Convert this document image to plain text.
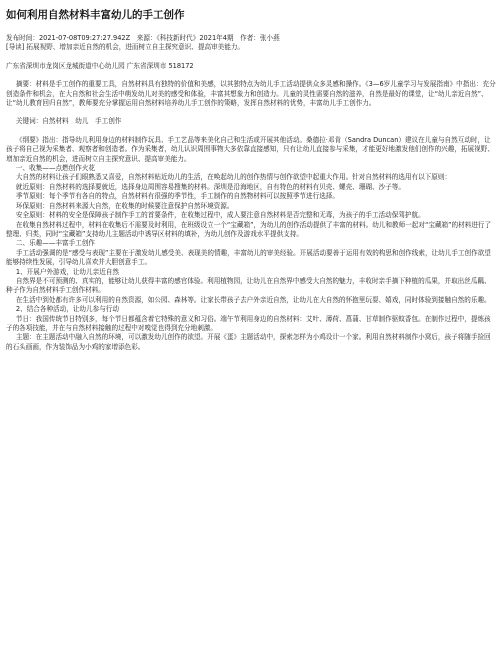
如何利用自然材料丰富幼儿的手工创作
发布时间：2021-07-08T09:27:27.942Z　来源：《科技新时代》2021年4期　作者：张小燕
[导读] 拓展视野、增加亲近自然的机会，进而树立自主探究意识、提高审美能力。
广东省深圳市龙岗区龙城街道中心幼儿园 广东省深圳市 518172
摘要：材料是手工创作的重要工具，自然材料具有独特的价值和美感，以其独特点为幼儿手工活动提供众多灵感和操作。《3—6岁儿童学习与发展指南》中指出：充分创造条件和机会，在大自然和社会生活中萌发幼儿对美的感受和体验，丰富其想象力和创造力。儿童的灵性需要自然的滋养，自然是最好的课堂，让“幼儿亲近自然”、让“幼儿教育回归自然”，教师要充分掌握运用自然材料培养幼儿手工创作的策略，发挥自然材料的优势，丰富幼儿手工创作力。
关键词：自然材料　幼儿　手工创作
《纲要》指出：指导幼儿利用身边的材料制作玩具、手工艺品等来美化自己和生活或开展其他活动。桑德拉·邓肯（Sandra Duncan）建议在儿童与自然互动时，让孩子将自己视为采集者、观察者和创造者。作为采集者，幼儿认识周围事物大多依靠直接感知，只有让幼儿直接参与采集，才能更好地激发他们创作的兴趣，拓展视野、增加亲近自然的机会，进而树立自主探究意识、提高审美能力。
一、收集——点燃创作火花
大自然的材料让孩子们眼熟悉又喜爱，自然材料贴近幼儿的生活，在唤起幼儿的创作热情与创作欲望中起重大作用。针对自然材料的选用有以下原则：
就近原则：自然材料的选择要就近，选择身边周围容易搜集的材料。深圳是沿海地区，自有特色的材料有贝壳、螺壳、珊瑚、沙子等。
季节原则：每个季节有各自的特点，自然材料有很强的季节性，手工制作的自然物材料可以按照季节进行选择。
环保原则：自然材料来源大自然，在收集的时候要注意保护自然环境资源。
安全原则：材料的安全是保障孩子制作手工的首要条件，在收集过程中，成人要注意自然材料是否完整和无毒，为孩子的手工活动保驾护航。
在收集自然材料过程中，材料在收集后不需要及时利用，在班级设立一个“宝藏箱”，为幼儿的创作活动提供了丰富的材料。幼儿和教师一起对“宝藏箱”的材料进行了整理、归类，同时“宝藏箱”支持幼儿主题活动中诱导区材料的填补，为幼儿创作及游戏水平提供支持。
二、乐趣——丰富手工创作
手工活动强调的是“感受与表现”主要在于激发幼儿感受美、表现美的情趣，丰富幼儿的审美经验。开展活动要善于运用有效的构思和创作线索，让幼儿手工创作欲望能够持续性发展，引导幼儿喜欢并大胆创意手工。
1、开展户外游戏，让幼儿亲近自然
自然界是不可预测的、真实的，能够让幼儿获得丰富的感官体验。利用植物园，让幼儿在自然界中感受大自然的魅力，丰收时亲手摘下种植的瓜果，并取出丝瓜瓤、种子作为自然材料手工创作材料。
在生活中到处都有许多可以利用的自然资源，如公园、森林等。让家长带孩子去户外亲近自然，让幼儿在大自然的怀抱里玩耍、嬉戏，同时体验到接触自然的乐趣。
2、结合各种活动，让幼儿参与行动
节日：我国传统节日特别多，每个节日都蕴含着它特殊的意义和习俗。端午节利用身边的自然材料：艾叶、薄荷、菖蒲、甘草制作驱蚊香包。在制作过程中，提炼孩子的各项技能，并在与自然材料接触的过程中对嗅觉也得到充分地刺激。
主题：在主题活动中融入自然的环境，可以激发幼儿创作的欲望。开展《蛋》主题活动中，探索怎样为小鸡设计一个家。利用自然材料制作小窝后，孩子将随手捡回的石头画画，作为装饰品为小鸡的家增添色彩。
